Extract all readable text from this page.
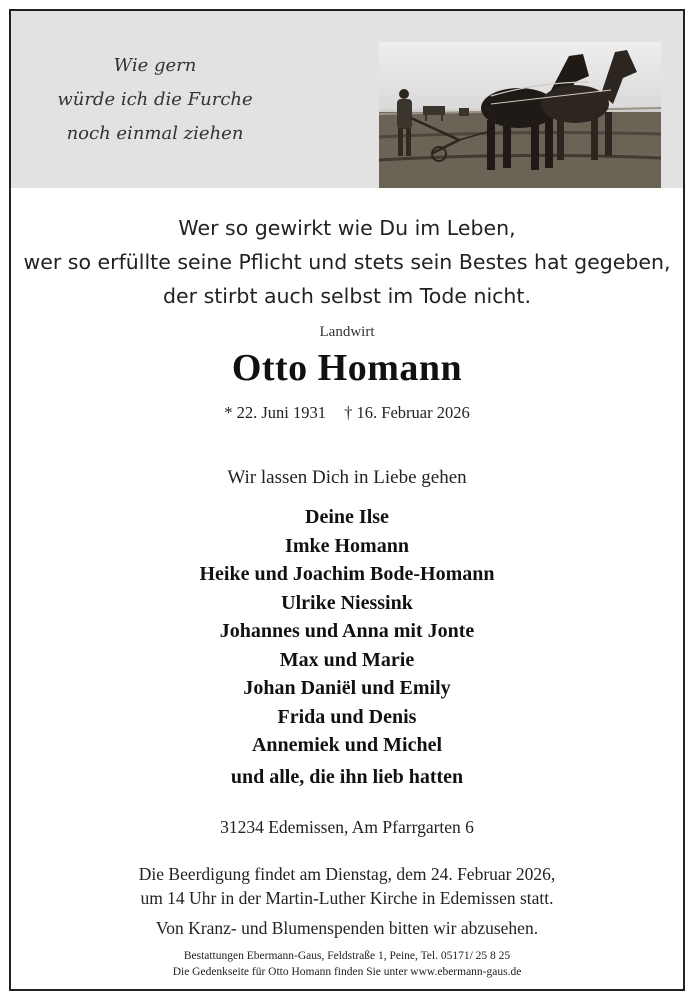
Wie gern
würde ich die Furche
noch einmal ziehen
Wer so gewirkt wie Du im Leben,
wer so erfüllte seine Pflicht und stets sein Bestes hat gegeben,
der stirbt auch selbst im Tode nicht.
Landwirt
Otto Homann
* 22. Juni 1931 † 16. Februar 2026
Wir lassen Dich in Liebe gehen
Deine Ilse
Imke Homann
Heike und Joachim Bode-Homann
Ulrike Niessink
Johannes und Anna mit Jonte
Max und Marie
Johan Daniël und Emily
Frida und Denis
Annemiek und Michel
und alle, die ihn lieb hatten
31234 Edemissen, Am Pfarrgarten 6
Die Beerdigung findet am Dienstag, dem 24. Februar 2026,
um 14 Uhr in der Martin-Luther Kirche in Edemissen statt.
Von Kranz- und Blumenspenden bitten wir abzusehen.
Bestattungen Ebermann-Gaus, Feldstraße 1, Peine, Tel. 05171/ 25 8 25
Die Gedenkseite für Otto Homann finden Sie unter www.ebermann-gaus.de
